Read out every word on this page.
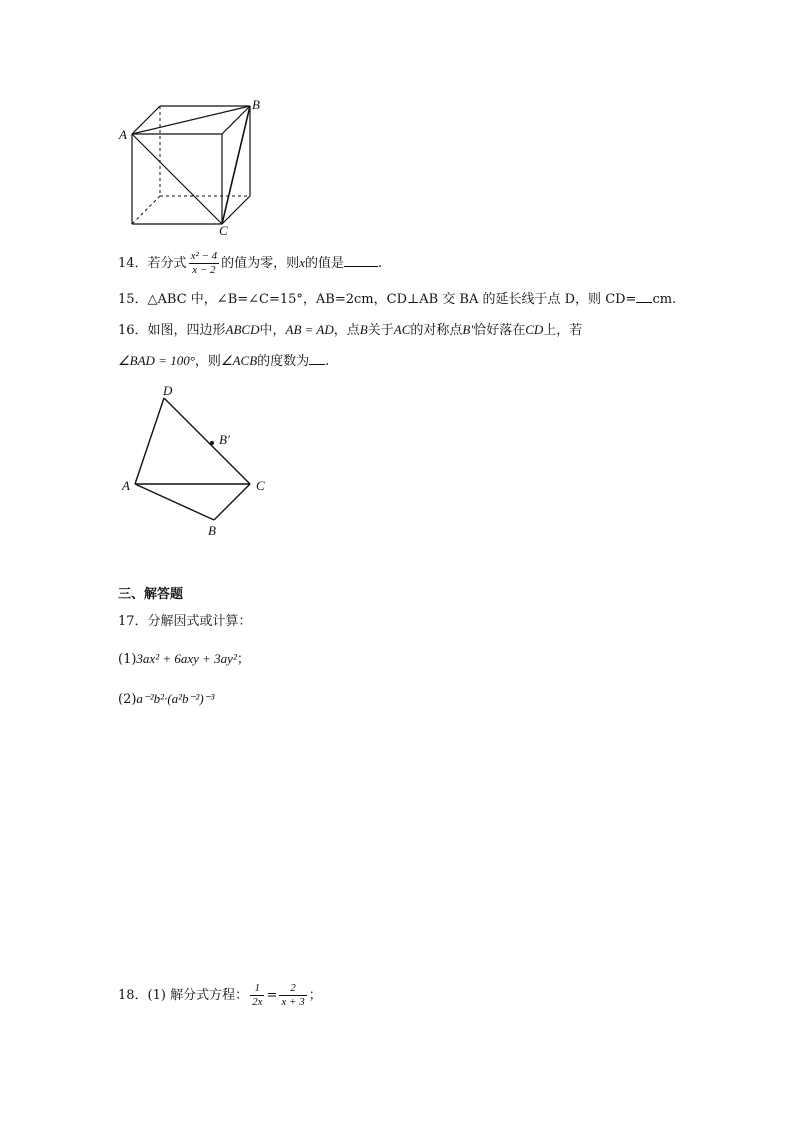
A
B
C
14．若分式 $\frac{\text{x² − 4}}{x - 2}$ 的值为零，则x的值是	.
15．△ABC 中，∠B=∠C=15°，AB=2cm，CD⊥AB 交 BA 的延长线于点 D，则 CD= cm.
16．如图，四边形ABCD中，AB = AD，点B关于AC的对称点B′恰好落在CD上，若
∠BAD = 100°，则∠ACB的度数为 .
D
B′
A	C
B
三、解答题
17．分解因式或计算：
(1)3ax² + 6axy + 3ay²；
(2)a⁻²b²·(a²b⁻²)⁻³
18．(1) 解分式方程： $\frac{1}{2x} = \frac{2}{x + 3}$ ；
